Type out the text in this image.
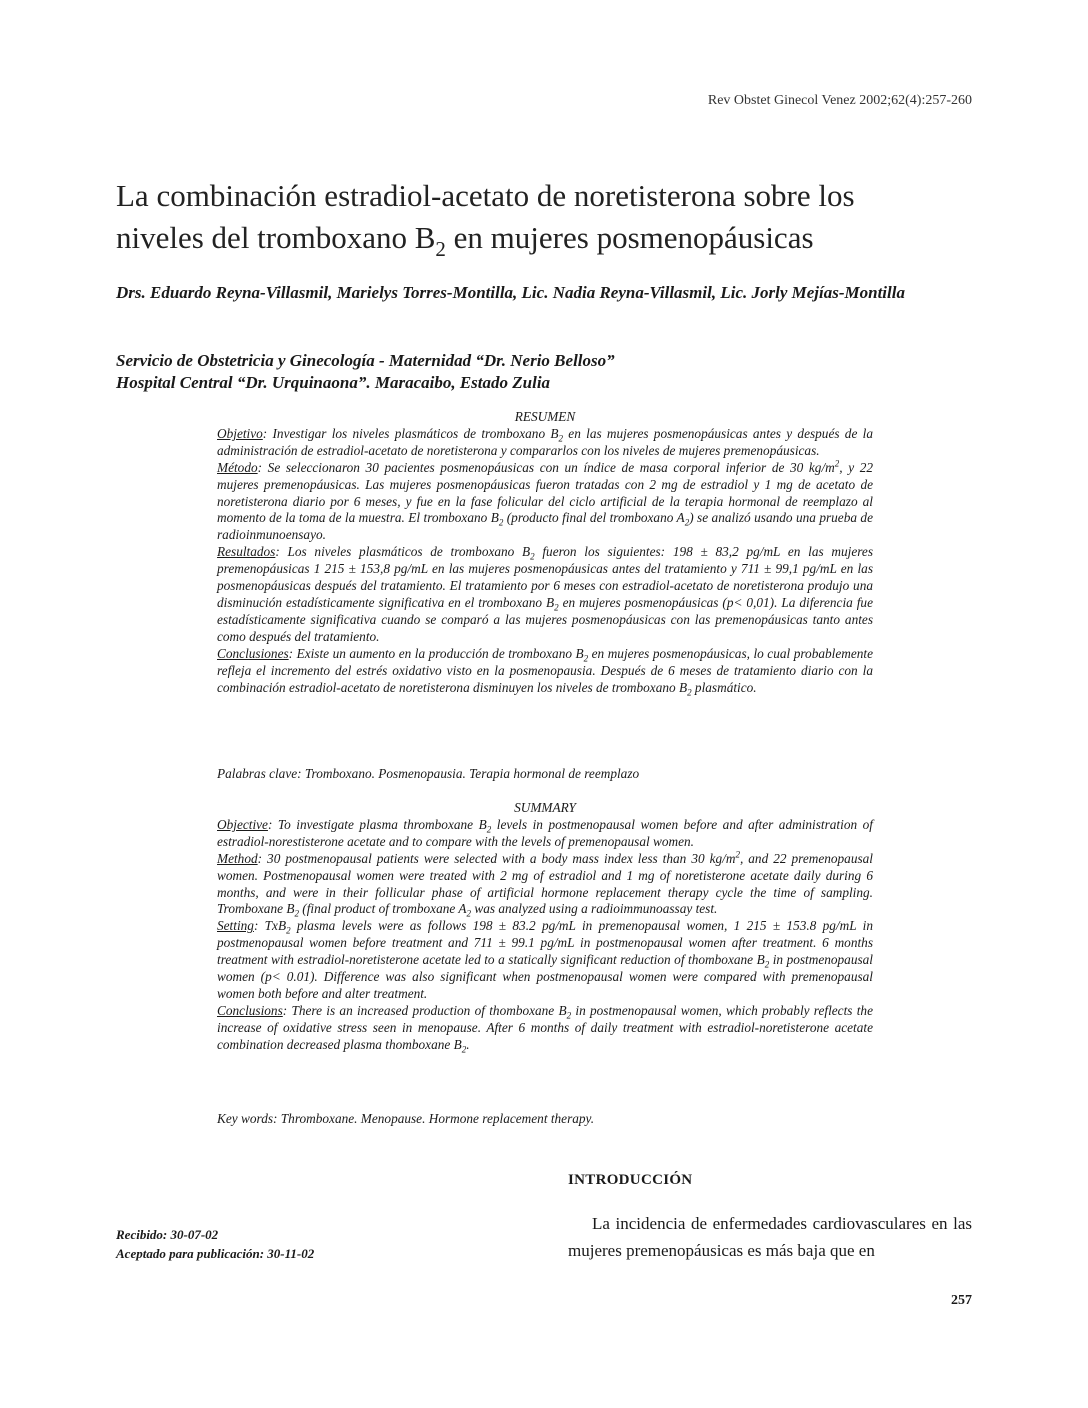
Rev Obstet Ginecol Venez 2002;62(4):257-260
La combinación estradiol-acetato de noretisterona sobre los
niveles del tromboxano $B_2$ en mujeres posmenopáusicas
Drs. Eduardo Reyna-Villasmil, Marielys Torres-Montilla, Lic. Nadia Reyna-Villasmil, Lic. Jorly Mejías-Montilla
Servicio de Obstetricia y Ginecología - Maternidad “Dr. Nerio Belloso”
Hospital Central “Dr. Urquinaona”. Maracaibo, Estado Zulia
RESUMEN

Objetivo: Investigar los niveles plasmáticos de tromboxano $B_2$ en las mujeres posmenopáusicas antes y después de la administración de estradiol-acetato de noretisterona y compararlos con los niveles de mujeres premenopáusicas.

Método: Se seleccionaron 30 pacientes posmenopáusicas con un índice de masa corporal inferior de 30 $kg/m^2$, y 22 mujeres premenopáusicas. Las mujeres posmenopáusicas fueron tratadas con 2 mg de estradiol y 1 mg de acetato de noretisterona diario por 6 meses, y fue en la fase folicular del ciclo artificial de la terapia hormonal de reemplazo al momento de la toma de la muestra. El tromboxano $B_2$ (producto final del tromboxano $A_2$) se analizó usando una prueba de radioinmunoensayo.

Resultados: Los niveles plasmáticos de tromboxano $B_2$ fueron los siguientes: 198 ± 83,2 pg/mL en las mujeres premenopáusicas 1 215 ± 153,8 pg/mL en las mujeres posmenopáusicas antes del tratamiento y 711 ± 99,1 pg/mL en las posmenopáusicas después del tratamiento. El tratamiento por 6 meses con estradiol-acetato de noretisterona produjo una disminución estadísticamente significativa en el tromboxano $B_2$ en mujeres posmenopáusicas (p< 0,01). La diferencia fue estadísticamente significativa cuando se comparó a las mujeres posmenopáusicas con las premenopáusicas tanto antes como después del tratamiento.

Conclusiones: Existe un aumento en la producción de tromboxano $B_2$ en mujeres posmenopáusicas, lo cual probablemente refleja el incremento del estrés oxidativo visto en la posmenopausia. Después de 6 meses de tratamiento diario con la combinación estradiol-acetato de noretisterona disminuyen los niveles de tromboxano $B_2$ plasmático.

Palabras clave: Tromboxano. Posmenopausia. Terapia hormonal de reemplazo
SUMMARY

Objective: To investigate plasma thromboxane $B_2$ levels in postmenopausal women before and after administration of estradiol-norestisterone acetate and to compare with the levels of premenopausal women.

Method: 30 postmenopausal patients were selected with a body mass index less than 30 $kg/m^2$, and 22 premenopausal women. Postmenopausal women were treated with 2 mg of estradiol and 1 mg of noretisterone acetate daily during 6 months, and were in their follicular phase of artificial hormone replacement therapy cycle the time of sampling. Tromboxane $B_2$ (final product of tromboxane $A_2$ was analyzed using a radioimmunoassay test.

Setting: TxB$_2$ plasma levels were as follows 198 ± 83.2 pg/mL in premenopausal women, 1 215 ± 153.8 pg/mL in postmenopausal women before treatment and 711 ± 99.1 pg/mL in postmenopausal women after treatment. 6 months treatment with estradiol-noretisterone acetate led to a statically significant reduction of thomboxane $B_2$ in postmenopausal women (p< 0.01). Difference was also significant when postmenopausal women were compared with premenopausal women both before and alter treatment.

Conclusions: There is an increased production of thomboxane $B_2$ in postmenopausal women, which probably reflects the increase of oxidative stress seen in menopause. After 6 months of daily treatment with estradiol-noretisterone acetate combination decreased plasma thomboxane $B_2$.

Key words: Thromboxane. Menopause. Hormone replacement therapy.
INTRODUCCIÓN
La incidencia de enfermedades cardiovasculares en las mujeres premenopáusicas es más baja que en
Recibido: 30-07-02
Aceptado para publicación: 30-11-02
257
